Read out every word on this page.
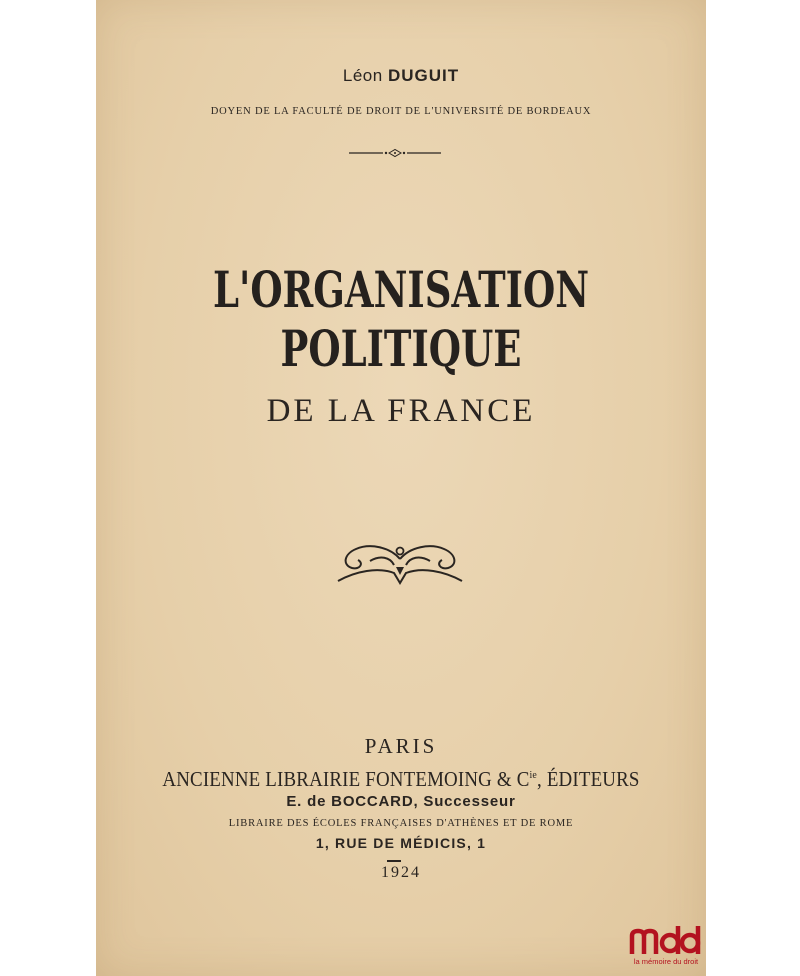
Léon DUGUIT
DOYEN DE LA FACULTÉ DE DROIT DE L'UNIVERSITÉ DE BORDEAUX
L'ORGANISATION POLITIQUE
DE LA FRANCE
PARIS
ANCIENNE LIBRAIRIE FONTEMOING & $C^{ie}$, ÉDITEURS
E. de BOCCARD, Successeur
LIBRAIRE DES ÉCOLES FRANÇAISES D'ATHÈNES ET DE ROME
1, RUE DE MÉDICIS, 1
1924
la mémoire du droit
